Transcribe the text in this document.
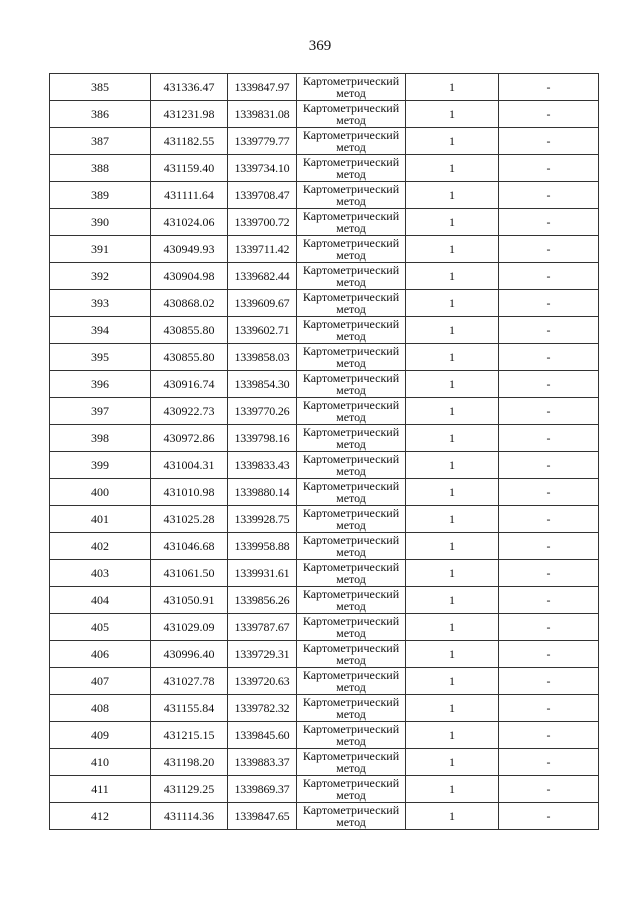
369
385	431336.47	1339847.97	Картометрический
метод	1	-
386	431231.98	1339831.08	Картометрический
метод	1	-
387	431182.55	1339779.77	Картометрический
метод	1	-
388	431159.40	1339734.10	Картометрический
метод	1	-
389	431111.64	1339708.47	Картометрический
метод	1	-
390	431024.06	1339700.72	Картометрический
метод	1	-
391	430949.93	1339711.42	Картометрический
метод	1	-
392	430904.98	1339682.44	Картометрический
метод	1	-
393	430868.02	1339609.67	Картометрический
метод	1	-
394	430855.80	1339602.71	Картометрический
метод	1	-
395	430855.80	1339858.03	Картометрический
метод	1	-
396	430916.74	1339854.30	Картометрический
метод	1	-
397	430922.73	1339770.26	Картометрический
метод	1	-
398	430972.86	1339798.16	Картометрический
метод	1	-
399	431004.31	1339833.43	Картометрический
метод	1	-
400	431010.98	1339880.14	Картометрический
метод	1	-
401	431025.28	1339928.75	Картометрический
метод	1	-
402	431046.68	1339958.88	Картометрический
метод	1	-
403	431061.50	1339931.61	Картометрический
метод	1	-
404	431050.91	1339856.26	Картометрический
метод	1	-
405	431029.09	1339787.67	Картометрический
метод	1	-
406	430996.40	1339729.31	Картометрический
метод	1	-
407	431027.78	1339720.63	Картометрический
метод	1	-
408	431155.84	1339782.32	Картометрический
метод	1	-
409	431215.15	1339845.60	Картометрический
метод	1	-
410	431198.20	1339883.37	Картометрический
метод	1	-
411	431129.25	1339869.37	Картометрический
метод	1	-
412	431114.36	1339847.65	Картометрический
метод	1	-
